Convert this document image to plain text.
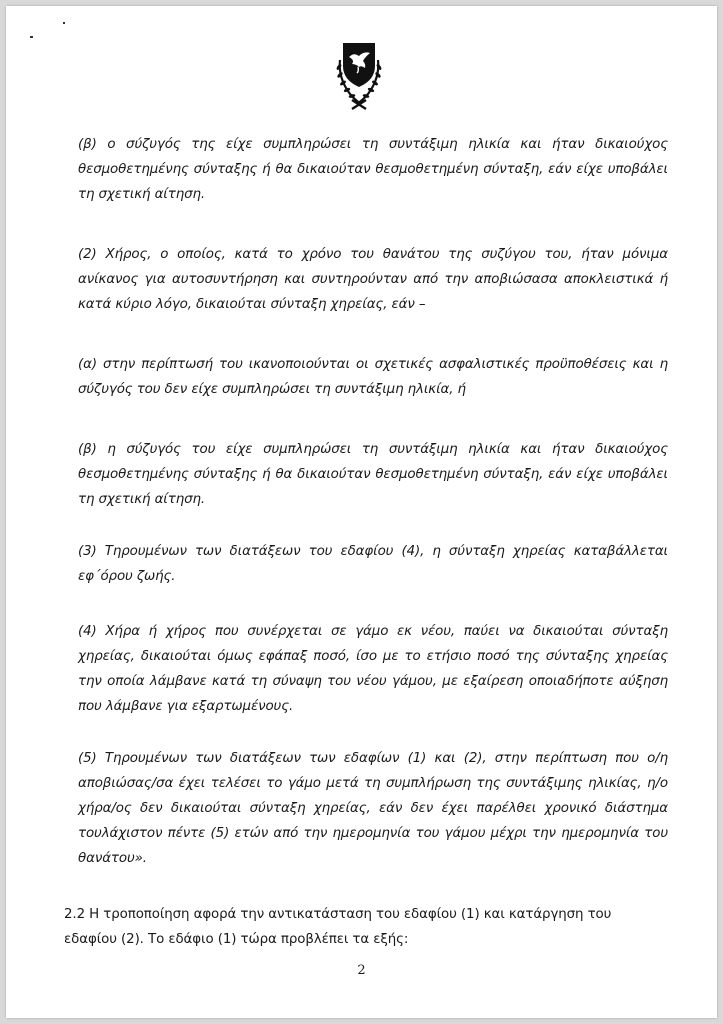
(β) ο σύζυγός της είχε συμπληρώσει τη συντάξιμη ηλικία και ήταν δικαιούχος θεσμοθετημένης σύνταξης ή θα δικαιούταν θεσμοθετημένη σύνταξη, εάν είχε υποβάλει τη σχετική αίτηση.

(2) Χήρος, ο οποίος, κατά το χρόνο του θανάτου της συζύγου του, ήταν μόνιμα ανίκανος για αυτοσυντήρηση και συντηρούνταν από την αποβιώσασα αποκλειστικά ή κατά κύριο λόγο, δικαιούται σύνταξη χηρείας, εάν –

(α) στην περίπτωσή του ικανοποιούνται οι σχετικές ασφαλιστικές προϋποθέσεις και η σύζυγός του δεν είχε συμπληρώσει τη συντάξιμη ηλικία, ή

(β) η σύζυγός του είχε συμπληρώσει τη συντάξιμη ηλικία και ήταν δικαιούχος θεσμοθετημένης σύνταξης ή θα δικαιούταν θεσμοθετημένη σύνταξη, εάν είχε υποβάλει τη σχετική αίτηση.

(3) Τηρουμένων των διατάξεων του εδαφίου (4), η σύνταξη χηρείας καταβάλλεται εφ΄όρου ζωής.

(4) Χήρα ή χήρος που συνέρχεται σε γάμο εκ νέου, παύει να δικαιούται σύνταξη χηρείας, δικαιούται όμως εφάπαξ ποσό, ίσο με το ετήσιο ποσό της σύνταξης χηρείας την οποία λάμβανε κατά τη σύναψη του νέου γάμου, με εξαίρεση οποιαδήποτε αύξηση που λάμβανε για εξαρτωμένους.

(5) Τηρουμένων των διατάξεων των εδαφίων (1) και (2), στην περίπτωση που ο/η αποβιώσας/σα έχει τελέσει το γάμο μετά τη συμπλήρωση της συντάξιμης ηλικίας, η/ο χήρα/ος δεν δικαιούται σύνταξη χηρείας, εάν δεν έχει παρέλθει χρονικό διάστημα τουλάχιστον πέντε (5) ετών από την ημερομηνία του γάμου μέχρι την ημερομηνία του θανάτου».

2.2 Η τροποποίηση αφορά την αντικατάσταση του εδαφίου (1) και κατάργηση του εδαφίου (2). Το εδάφιο (1) τώρα προβλέπει τα εξής:

2
